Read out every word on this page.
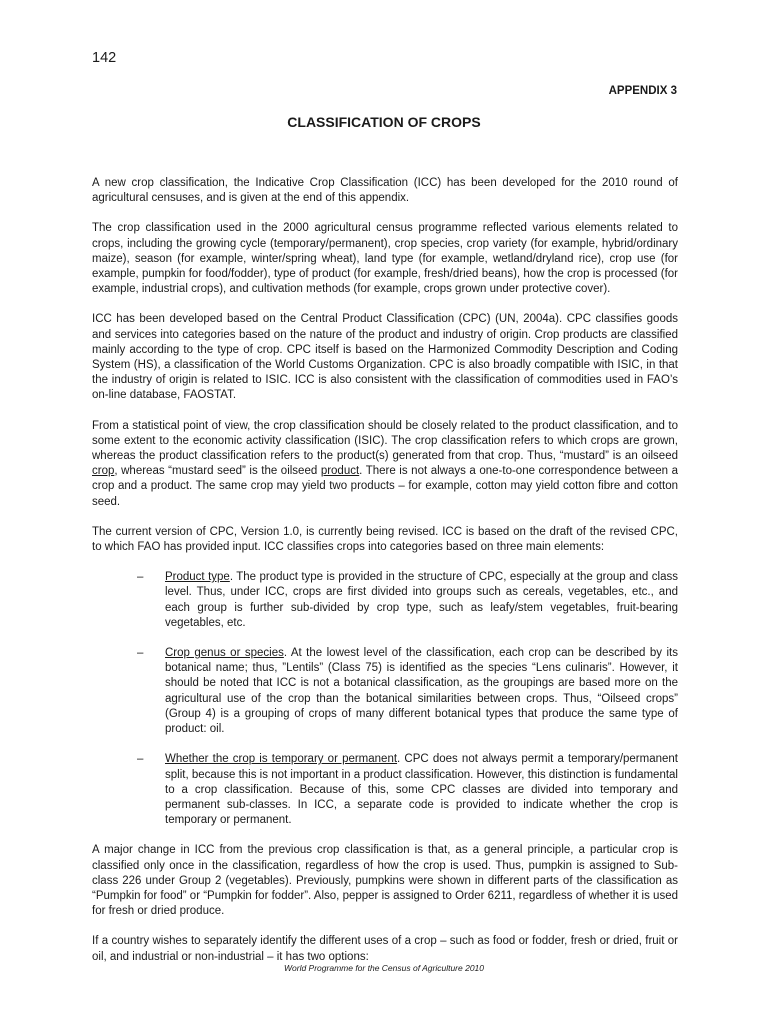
142
APPENDIX 3
CLASSIFICATION OF CROPS

A new crop classification, the Indicative Crop Classification (ICC) has been developed for the 2010 round of agricultural censuses, and is given at the end of this appendix.

The crop classification used in the 2000 agricultural census programme reflected various elements related to crops, including the growing cycle (temporary/permanent), crop species, crop variety (for example, hybrid/ordinary maize), season (for example, winter/spring wheat), land type (for example, wetland/dryland rice), crop use (for example, pumpkin for food/fodder), type of product (for example, fresh/dried beans), how the crop is processed (for example, industrial crops), and cultivation methods (for example, crops grown under protective cover).

ICC has been developed based on the Central Product Classification (CPC) (UN, 2004a). CPC classifies goods and services into categories based on the nature of the product and industry of origin. Crop products are classified mainly according to the type of crop. CPC itself is based on the Harmonized Commodity Description and Coding System (HS), a classification of the World Customs Organization. CPC is also broadly compatible with ISIC, in that the industry of origin is related to ISIC. ICC is also consistent with the classification of commodities used in FAO’s on-line database, FAOSTAT.

From a statistical point of view, the crop classification should be closely related to the product classification, and to some extent to the economic activity classification (ISIC). The crop classification refers to which crops are grown, whereas the product classification refers to the product(s) generated from that crop. Thus, “mustard” is an oilseed crop, whereas “mustard seed” is the oilseed product. There is not always a one-to-one correspondence between a crop and a product. The same crop may yield two products – for example, cotton may yield cotton fibre and cotton seed.

The current version of CPC, Version 1.0, is currently being revised. ICC is based on the draft of the revised CPC, to which FAO has provided input. ICC classifies crops into categories based on three main elements:

– Product type. The product type is provided in the structure of CPC, especially at the group and class level. Thus, under ICC, crops are first divided into groups such as cereals, vegetables, etc., and each group is further sub-divided by crop type, such as leafy/stem vegetables, fruit-bearing vegetables, etc.
– Crop genus or species. At the lowest level of the classification, each crop can be described by its botanical name; thus, ”Lentils” (Class 75) is identified as the species “Lens culinaris”. However, it should be noted that ICC is not a botanical classification, as the groupings are based more on the agricultural use of the crop than the botanical similarities between crops. Thus, “Oilseed crops” (Group 4) is a grouping of crops of many different botanical types that produce the same type of product: oil.
– Whether the crop is temporary or permanent. CPC does not always permit a temporary/permanent split, because this is not important in a product classification. However, this distinction is fundamental to a crop classification. Because of this, some CPC classes are divided into temporary and permanent sub-classes. In ICC, a separate code is provided to indicate whether the crop is temporary or permanent.

A major change in ICC from the previous crop classification is that, as a general principle, a particular crop is classified only once in the classification, regardless of how the crop is used. Thus, pumpkin is assigned to Sub-class 226 under Group 2 (vegetables). Previously, pumpkins were shown in different parts of the classification as “Pumpkin for food” or “Pumpkin for fodder”. Also, pepper is assigned to Order 6211, regardless of whether it is used for fresh or dried produce.

If a country wishes to separately identify the different uses of a crop – such as food or fodder, fresh or dried, fruit or oil, and industrial or non-industrial – it has two options:

World Programme for the Census of Agriculture 2010
